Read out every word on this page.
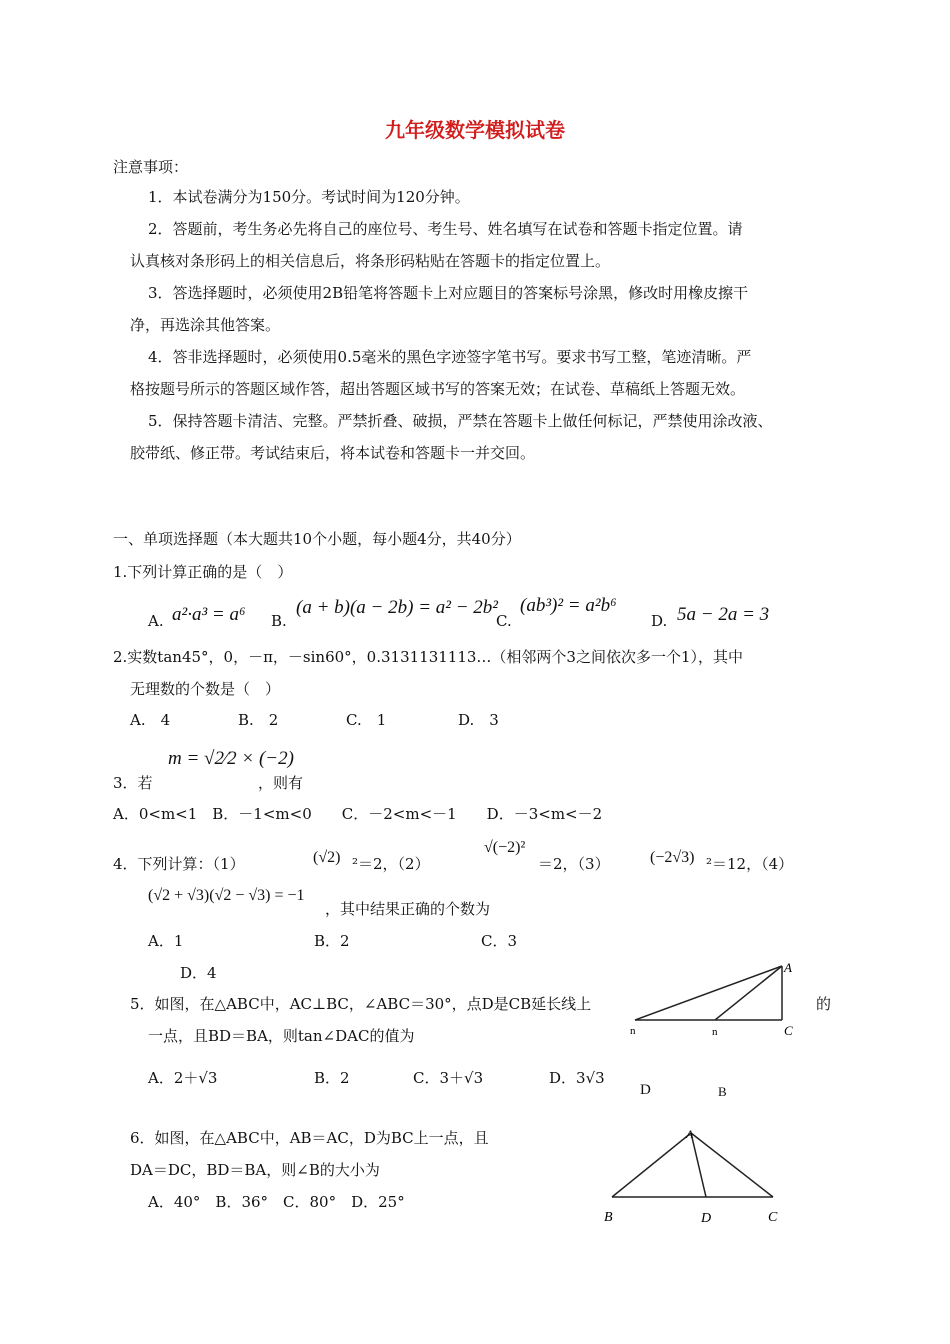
九年级数学模拟试卷
注意事项：
1．本试卷满分为150分。考试时间为120分钟。
2．答题前，考生务必先将自己的座位号、考生号、姓名填写在试卷和答题卡指定位置。请
认真核对条形码上的相关信息后，将条形码粘贴在答题卡的指定位置上。
3．答选择题时，必须使用2B铅笔将答题卡上对应题目的答案标号涂黑，修改时用橡皮擦干
净，再选涂其他答案。
4．答非选择题时，必须使用0.5毫米的黑色字迹签字笔书写。要求书写工整，笔迹清晰。严
格按题号所示的答题区域作答，超出答题区域书写的答案无效；在试卷、草稿纸上答题无效。
5．保持答题卡清洁、完整。严禁折叠、破损，严禁在答题卡上做任何标记，严禁使用涂改液、
胶带纸、修正带。考试结束后，将本试卷和答题卡一并交回。
一、单项选择题（本大题共10个小题，每小题4分，共40分）
1.下列计算正确的是（　）
A. a²·a³ = a⁶ B.
(a + b)(a − 2b) = a² − 2b²
C.
(ab³)² = a²b⁶
D. 5a − 2a = 3
2.实数tan45°，0，－π，－sin60°，0.3131131113…（相邻两个3之间依次多一个1），其中
无理数的个数是（　）
A.　4	B.　2	C.　1	D.　3
m = √2⁄2 × (−2)
3．若	，则有
A．0<m<1　B．－1<m<0　　C．－2<m<－1　　D．－3<m<－2
4．下列计算：（1）	(√2) ²＝2，（2）
√(−2)²
＝2，（3）	(−2√3) ²＝12，（4）
(√2 + √3)(√2 − √3) = −1
，其中结果正确的个数为
A．1	B．2	C．3
D．4
5．如图，在△ABC中，AC⊥BC，∠ABC＝30°，点D是CB延长线上	的
一点，且BD＝BA，则tan∠DAC的值为
A．2＋√3	B．2	C．3＋√3	D．3√3
A
C
n	n
D	B
6．如图，在△ABC中，AB＝AC，D为BC上一点，且
DA＝DC，BD＝BA，则∠B的大小为
A．40°　B．36°　C．80°　D．25°
A
B	D	C
